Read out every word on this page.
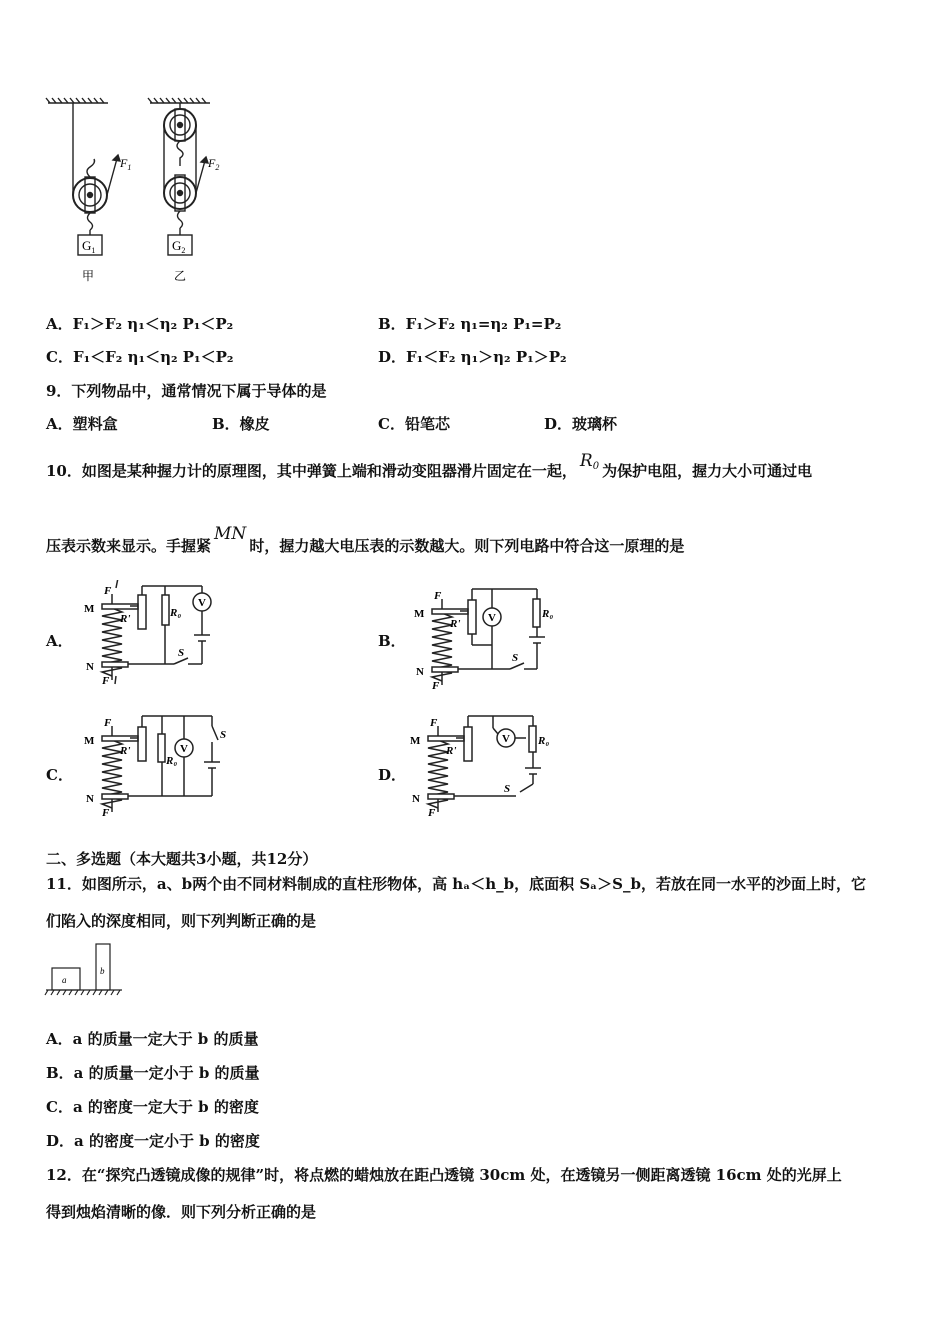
$G_1$
$F_1$
甲
$G_2$
$F_2$
乙
A．F₁＞F₂ η₁＜η₂ P₁＜P₂	B．F₁＞F₂ η₁=η₂ P₁=P₂
C．F₁＜F₂ η₁＜η₂ P₁＜P₂	D．F₁＜F₂ η₁＞η₂ P₁＞P₂
9．下列物品中，通常情况下属于导体的是
A．塑料盒	B．橡皮	C．铅笔芯	D．玻璃杯
10．如图是某种握力计的原理图，其中弹簧上端和滑动变阻器滑片固定在一起， $R_0$ 为保护电阻，握力大小可通过电
压表示数来显示。手握紧MN时，握力越大电压表的示数越大。则下列电路中符合这一原理的是
A．
M
N
F
F
R'	R₀
V
S
B．
M
N
F
F
R'	V	R₀
S
C．
M
N
F
F
R'
R₀
V
S
D．
M
N
F
F
R'
V	R₀
S
二、多选题（本大题共3小题，共12分）
11．如图所示，a、b两个由不同材料制成的直柱形物体，高 hₐ＜h_b，底面积 Sₐ＞S_b，若放在同一水平的沙面上时，它
们陷入的深度相同，则下列判断正确的是
a
b
A．a 的质量一定大于 b 的质量
B．a 的质量一定小于 b 的质量
C．a 的密度一定大于 b 的密度
D．a 的密度一定小于 b 的密度
12．在“探究凸透镜成像的规律”时，将点燃的蜡烛放在距凸透镜 30cm 处，在透镜另一侧距离透镜 16cm 处的光屏上
得到烛焰清晰的像．则下列分析正确的是
